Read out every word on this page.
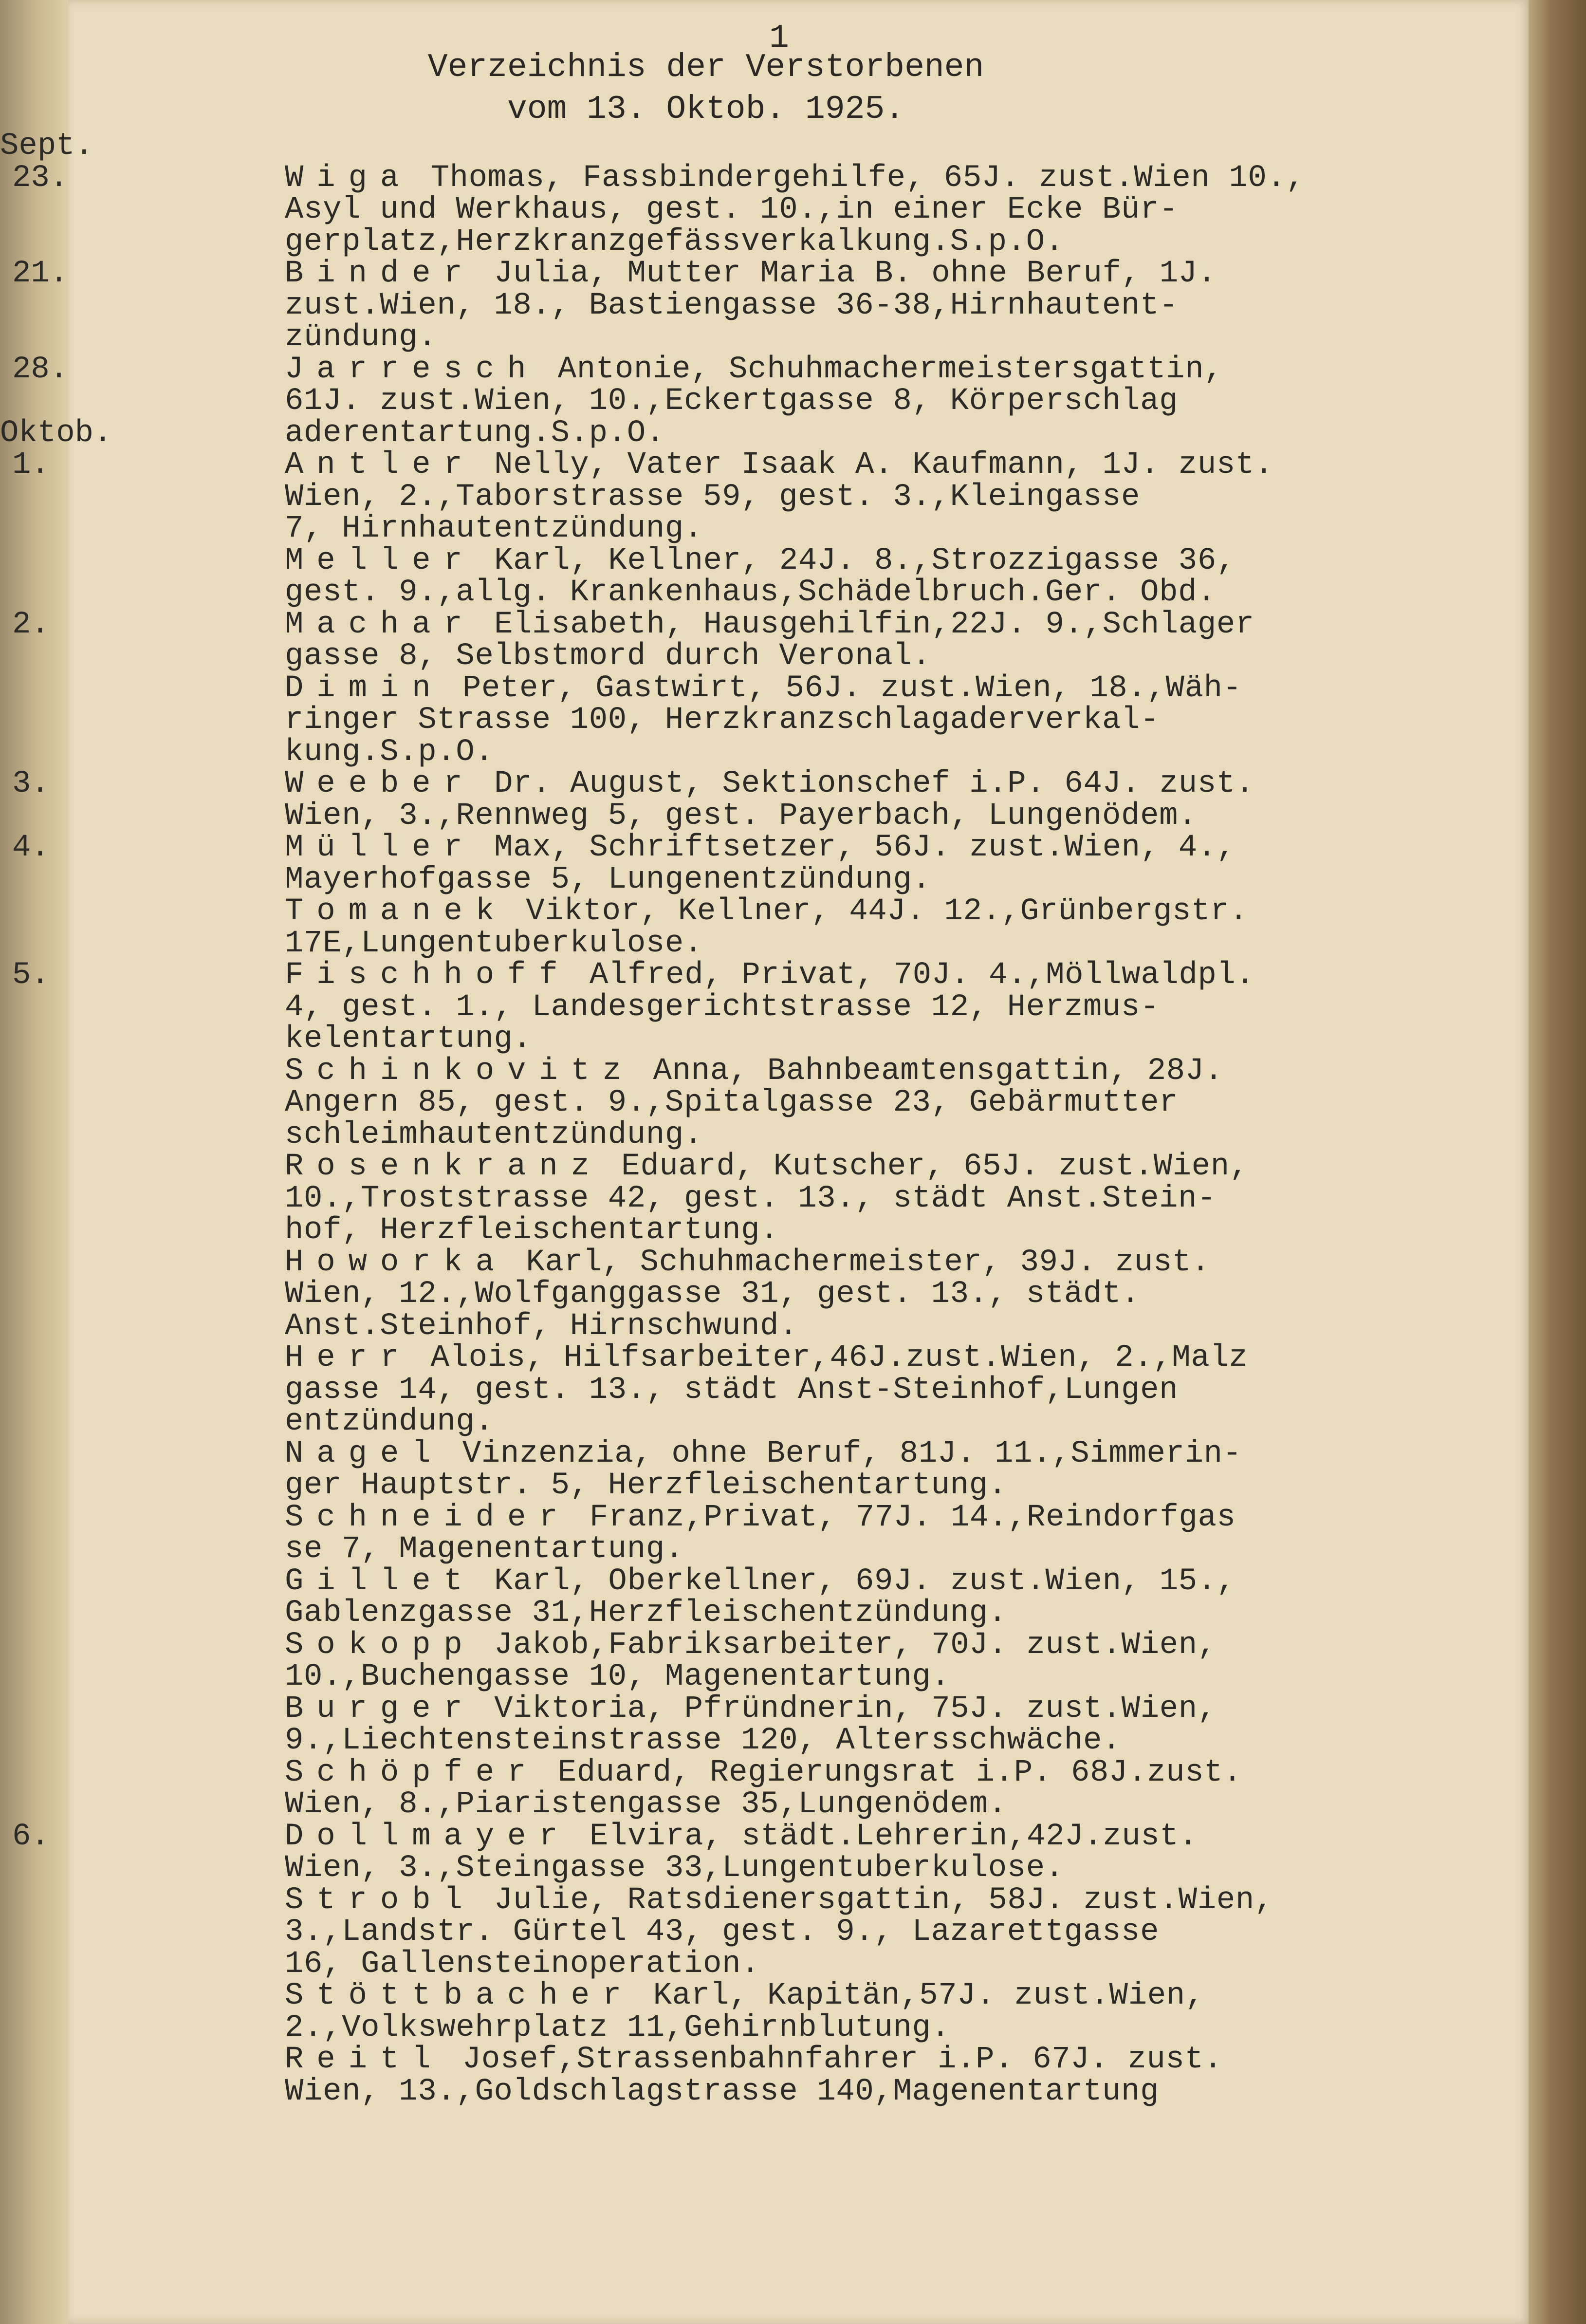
1
Verzeichnis der Verstorbenen
vom 13. Oktob. 1925.
Sept.
23.	Wiga Thomas, Fassbindergehilfe, 65J. zust.Wien 10.,
Asyl und Werkhaus, gest. 10.,in einer Ecke Bür-
gerplatz,Herzkranzgefässverkalkung.S.p.O.
21.	Binder Julia, Mutter Maria B. ohne Beruf, 1J.
zust.Wien, 18., Bastiengasse 36-38,Hirnhautent-
zündung.
28.	Jarresch Antonie, Schuhmachermeistersgattin,
61J. zust.Wien, 10.,Eckertgasse 8, Körperschlag
Oktob.	aderentartung.S.p.O.
1.	Antler Nelly, Vater Isaak A. Kaufmann, 1J. zust.
Wien, 2.,Taborstrasse 59, gest. 3.,Kleingasse
7, Hirnhautentzündung.
Meller Karl, Kellner, 24J. 8.,Strozzigasse 36,
gest. 9.,allg. Krankenhaus,Schädelbruch.Ger. Obd.
2.	Machar Elisabeth, Hausgehilfin,22J. 9.,Schlager
gasse 8, Selbstmord durch Veronal.
Dimin Peter, Gastwirt, 56J. zust.Wien, 18.,Wäh-
ringer Strasse 100, Herzkranzschlagaderverkal-
kung.S.p.O.
3.	Weeber Dr. August, Sektionschef i.P. 64J. zust.
Wien, 3.,Rennweg 5, gest. Payerbach, Lungenödem.
4.	Müller Max, Schriftsetzer, 56J. zust.Wien, 4.,
Mayerhofgasse 5, Lungenentzündung.
Tomanek Viktor, Kellner, 44J. 12.,Grünbergstr.
17E,Lungentuberkulose.
5.	Fischhoff Alfred, Privat, 70J. 4.,Möllwaldpl.
4, gest. 1., Landesgerichtstrasse 12, Herzmus-
kelentartung.
Schinkovitz Anna, Bahnbeamtensgattin, 28J.
Angern 85, gest. 9.,Spitalgasse 23, Gebärmutter
schleimhautentzündung.
Rosenkranz Eduard, Kutscher, 65J. zust.Wien,
10.,Troststrasse 42, gest. 13., städt Anst.Stein-
hof, Herzfleischentartung.
Howorka Karl, Schuhmachermeister, 39J. zust.
Wien, 12.,Wolfganggasse 31, gest. 13., städt.
Anst.Steinhof, Hirnschwund.
Herr Alois, Hilfsarbeiter,46J.zust.Wien, 2.,Malz
gasse 14, gest. 13., städt Anst-Steinhof,Lungen
entzündung.
Nagel Vinzenzia, ohne Beruf, 81J. 11.,Simmerin-
ger Hauptstr. 5, Herzfleischentartung.
Schneider Franz,Privat, 77J. 14.,Reindorfgas
se 7, Magenentartung.
Gillet Karl, Oberkellner, 69J. zust.Wien, 15.,
Gablenzgasse 31,Herzfleischentzündung.
Sokopp Jakob,Fabriksarbeiter, 70J. zust.Wien,
10.,Buchengasse 10, Magenentartung.
Burger Viktoria, Pfründnerin, 75J. zust.Wien,
9.,Liechtensteinstrasse 120, Altersschwäche.
Schöpfer Eduard, Regierungsrat i.P. 68J.zust.
Wien, 8.,Piaristengasse 35,Lungenödem.
6.	Dollmayer Elvira, städt.Lehrerin,42J.zust.
Wien, 3.,Steingasse 33,Lungentuberkulose.
Strobl Julie, Ratsdienersgattin, 58J. zust.Wien,
3.,Landstr. Gürtel 43, gest. 9., Lazarettgasse
16, Gallensteinoperation.
Stöttbacher Karl, Kapitän,57J. zust.Wien,
2.,Volkswehrplatz 11,Gehirnblutung.
Reitl Josef,Strassenbahnfahrer i.P. 67J. zust.
Wien, 13.,Goldschlagstrasse 140,Magenentartung
